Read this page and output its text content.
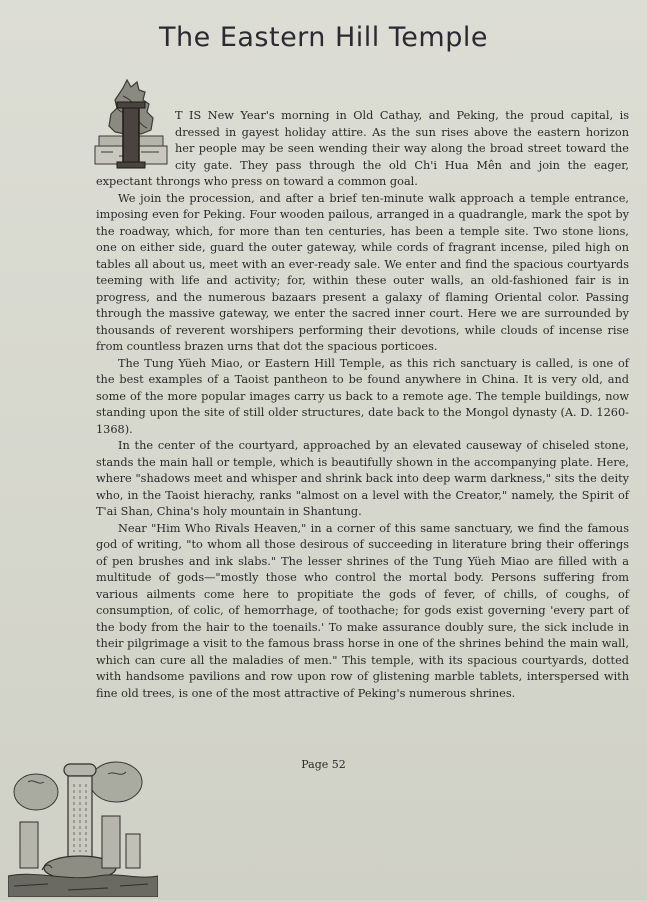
The Eastern Hill Temple
I

T IS New Year's morning in Old Cathay, and Peking, the proud capital, is dressed in gayest holiday attire. As the sun rises above the eastern horizon her people may be seen wending their way along the broad street toward the city gate. They pass through the old Ch'i Hua Mên and join the eager, expectant throngs who press on toward a common goal.

We join the procession, and after a brief ten-minute walk approach a temple entrance, imposing even for Peking. Four wooden pailous, arranged in a quadrangle, mark the spot by the roadway, which, for more than ten centuries, has been a temple site. Two stone lions, one on either side, guard the outer gateway, while cords of fragrant incense, piled high on tables all about us, meet with an ever-ready sale. We enter and find the spacious courtyards teeming with life and activity; for, within these outer walls, an old-fashioned fair is in progress, and the numerous bazaars present a galaxy of flaming Oriental color. Passing through the massive gateway, we enter the sacred inner court. Here we are surrounded by thousands of reverent worshipers performing their devotions, while clouds of incense rise from countless brazen urns that dot the spacious porticoes.

The Tung Yüeh Miao, or Eastern Hill Temple, as this rich sanctuary is called, is one of the best examples of a Taoist pantheon to be found anywhere in China. It is very old, and some of the more popular images carry us back to a remote age. The temple buildings, now standing upon the site of still older structures, date back to the Mongol dynasty (A. D. 1260-1368).

In the center of the courtyard, approached by an elevated causeway of chiseled stone, stands the main hall or temple, which is beautifully shown in the accompanying plate. Here, where "shadows meet and whisper and shrink back into deep warm darkness," sits the deity who, in the Taoist hierachy, ranks "almost on a level with the Creator," namely, the Spirit of T'ai Shan, China's holy mountain in Shantung.

Near "Him Who Rivals Heaven," in a corner of this same sanctuary, we find the famous god of writing, "to whom all those desirous of succeeding in literature bring their offerings of pen brushes and ink slabs." The lesser shrines of the Tung Yüeh Miao are filled with a multitude of gods—"mostly those who control the mortal body. Persons suffering from various ailments come here to propitiate the gods of fever, of chills, of coughs, of consumption, of colic, of hemorrhage, of toothache; for gods exist governing 'every part of the body from the hair to the toenails.' To make assurance doubly sure, the sick include in their pilgrimage a visit to the famous brass horse in one of the shrines behind the main wall, which can cure all the maladies of men." This temple, with its spacious courtyards, dotted with handsome pavilions and row upon row of glistening marble tablets, interspersed with fine old trees, is one of the most attractive of Peking's numerous shrines.

Page 52
